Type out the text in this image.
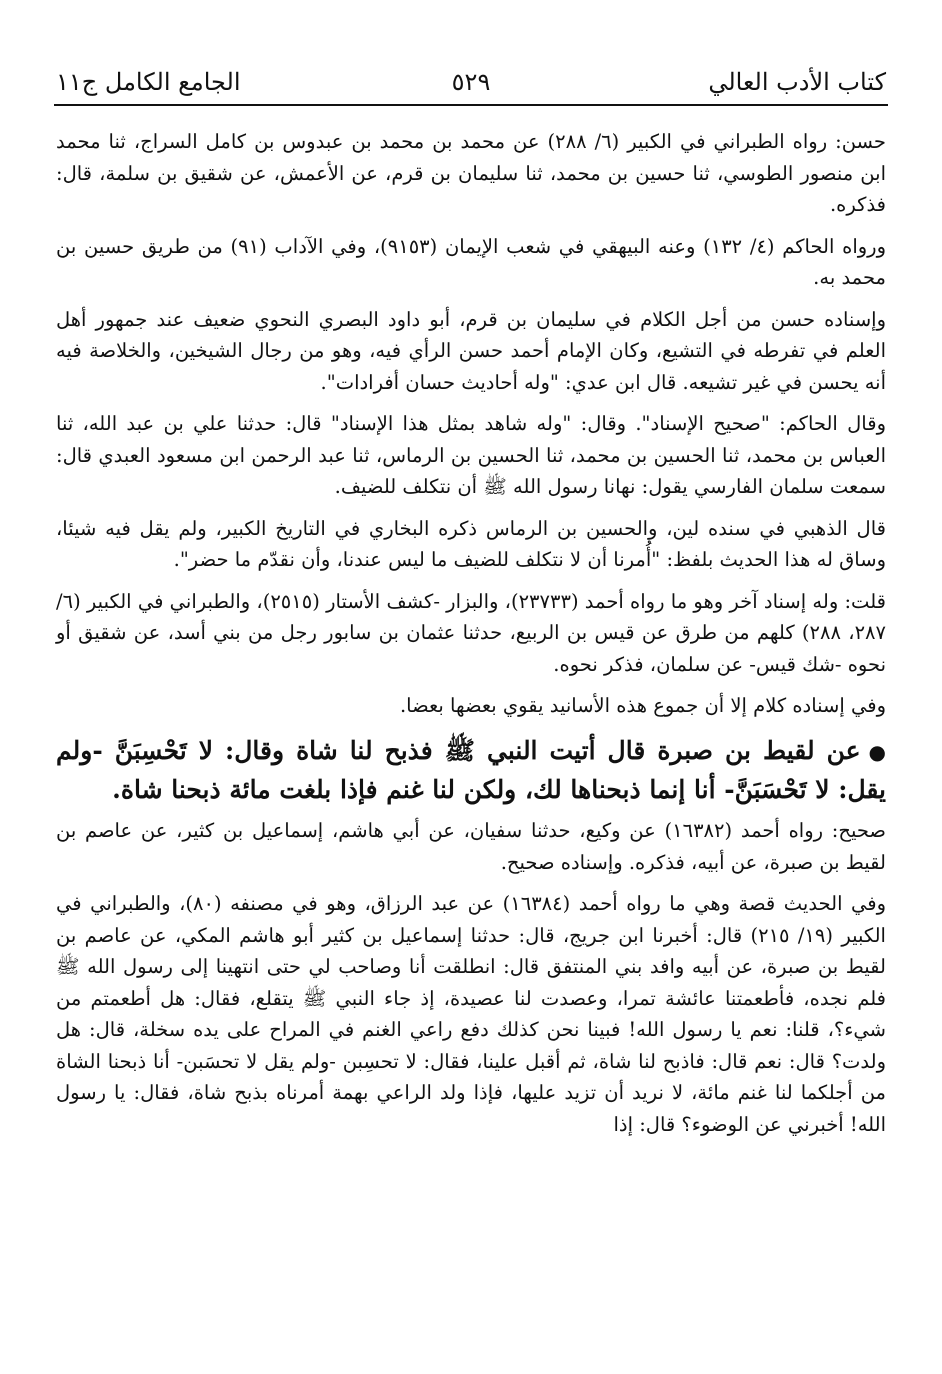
كتاب الأدب العالي
٥٢٩
الجامع الكامل ج١١

حسن: رواه الطبراني في الكبير (٦/ ٢٨٨) عن محمد بن محمد بن عبدوس بن كامل السراج، ثنا محمد ابن منصور الطوسي، ثنا حسين بن محمد، ثنا سليمان بن قرم، عن الأعمش، عن شقيق بن سلمة، قال: فذكره.

ورواه الحاكم (٤/ ١٣٢) وعنه البيهقي في شعب الإيمان (٩١٥٣)، وفي الآداب (٩١) من طريق حسين بن محمد به.

وإسناده حسن من أجل الكلام في سليمان بن قرم، أبو داود البصري النحوي ضعيف عند جمهور أهل العلم في تفرطه في التشيع، وكان الإمام أحمد حسن الرأي فيه، وهو من رجال الشيخين، والخلاصة فيه أنه يحسن في غير تشيعه. قال ابن عدي: "وله أحاديث حسان أفرادات".

وقال الحاكم: "صحيح الإسناد". وقال: "وله شاهد بمثل هذا الإسناد" قال: حدثنا علي بن عبد الله، ثنا العباس بن محمد، ثنا الحسين بن محمد، ثنا الحسين بن الرماس، ثنا عبد الرحمن ابن مسعود العبدي قال: سمعت سلمان الفارسي يقول: نهانا رسول الله ﷺ أن نتكلف للضيف.

قال الذهبي في سنده لين، والحسين بن الرماس ذكره البخاري في التاريخ الكبير، ولم يقل فيه شيئا، وساق له هذا الحديث بلفظ: "أُمرنا أن لا نتكلف للضيف ما ليس عندنا، وأن نقدّم ما حضر".

قلت: وله إسناد آخر وهو ما رواه أحمد (٢٣٧٣٣)، والبزار -كشف الأستار (٢٥١٥)، والطبراني في الكبير (٦/ ٢٨٧، ٢٨٨) كلهم من طرق عن قيس بن الربيع، حدثنا عثمان بن سابور رجل من بني أسد، عن شقيق أو نحوه -شك قيس- عن سلمان، فذكر نحوه.

وفي إسناده كلام إلا أن جموع هذه الأسانيد يقوي بعضها بعضا.

●عن لقيط بن صبرة قال أتيت النبي ﷺ فذبح لنا شاة وقال: لا تَحْسِبَنَّ -ولم يقل: لا تَحْسَبَنَّ- أنا إنما ذبحناها لك، ولكن لنا غنم فإذا بلغت مائة ذبحنا شاة.

صحيح: رواه أحمد (١٦٣٨٢) عن وكيع، حدثنا سفيان، عن أبي هاشم، إسماعيل بن كثير، عن عاصم بن لقيط بن صبرة، عن أبيه، فذكره. وإسناده صحيح.

وفي الحديث قصة وهي ما رواه أحمد (١٦٣٨٤) عن عبد الرزاق، وهو في مصنفه (٨٠)، والطبراني في الكبير (١٩/ ٢١٥) قال: أخبرنا ابن جريج، قال: حدثنا إسماعيل بن كثير أبو هاشم المكي، عن عاصم بن لقيط بن صبرة، عن أبيه وافد بني المنتفق قال: انطلقت أنا وصاحب لي حتى انتهينا إلى رسول الله ﷺ فلم نجده، فأطعمتنا عائشة تمرا، وعصدت لنا عصيدة، إذ جاء النبي ﷺ يتقلع، فقال: هل أطعمتم من شيء؟، قلنا: نعم يا رسول الله! فبينا نحن كذلك دفع راعي الغنم في المراح على يده سخلة، قال: هل ولدت؟ قال: نعم قال: فاذبح لنا شاة، ثم أقبل علينا، فقال: لا تحسِبن -ولم يقل لا تحسَبن- أنا ذبحنا الشاة من أجلكما لنا غنم مائة، لا نريد أن تزيد عليها، فإذا ولد الراعي بهمة أمرناه بذبح شاة، فقال: يا رسول الله! أخبرني عن الوضوء؟ قال: إذا
